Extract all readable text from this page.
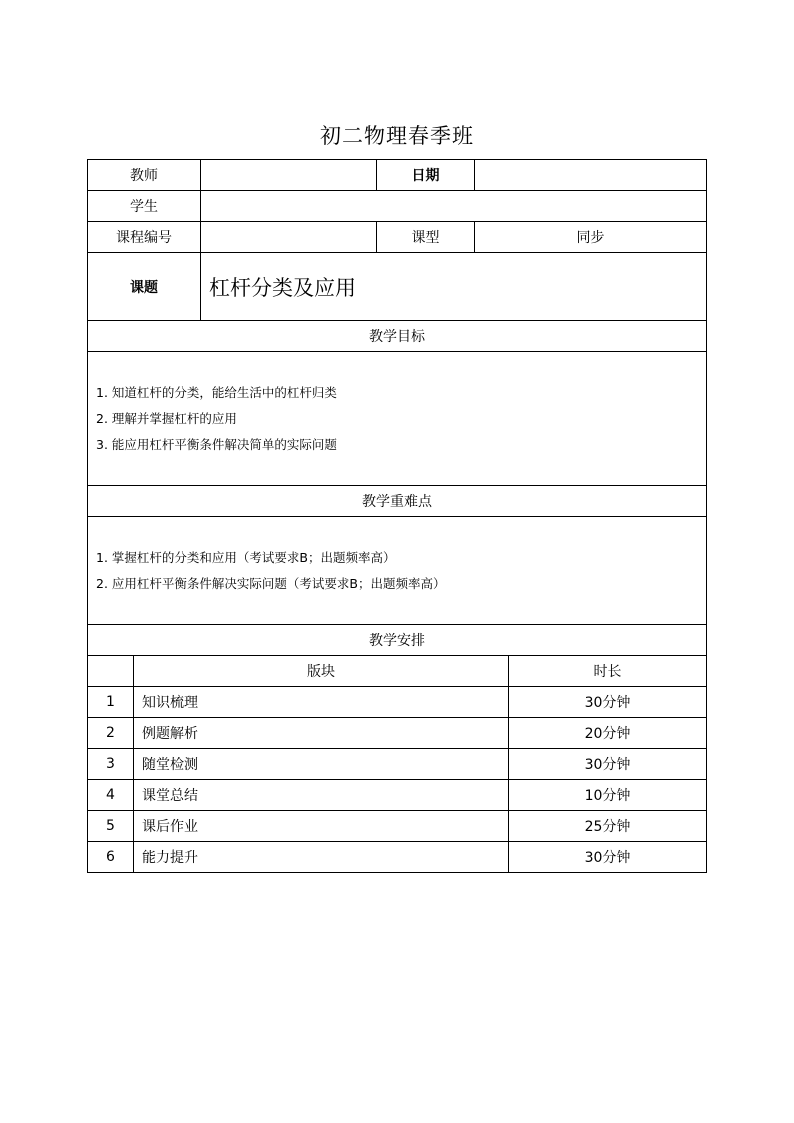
初二物理春季班
教师		日期	
学生			
课程编号		课型	同步
课题	杠杆分类及应用		
教学目标			

1. 知道杠杆的分类，能给生活中的杠杆归类
2. 理解并掌握杠杆的应用
3. 能应用杠杆平衡条件解决简单的实际问题			

教学重难点			

1. 掌握杠杆的分类和应用（考试要求B；出题频率高）
2. 应用杠杆平衡条件解决实际问题（考试要求B；出题频率高）			

教学安排			
	版块	时长
1	知识梳理	30分钟
2	例题解析	20分钟
3	随堂检测	30分钟
4	课堂总结	10分钟
5	课后作业	25分钟
6	能力提升	30分钟
